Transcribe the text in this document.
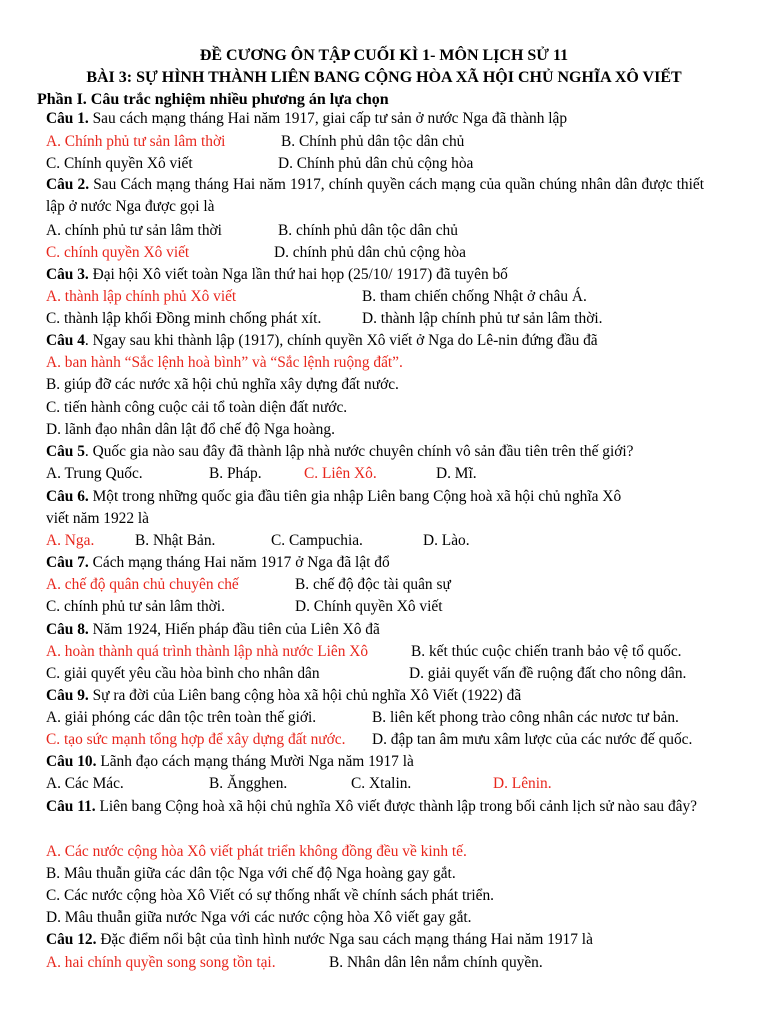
ĐỀ CƯƠNG ÔN TẬP CUỐI KÌ 1- MÔN LỊCH SỬ 11
BÀI 3: SỰ HÌNH THÀNH LIÊN BANG CỘNG HÒA XÃ HỘI CHỦ NGHĨA XÔ VIẾT
Phần I. Câu trắc nghiệm nhiều phương án lựa chọn
Câu 1. Sau cách mạng tháng Hai năm 1917, giai cấp tư sản ở nước Nga đã thành lập
A. Chính phủ tư sản lâm thời	B. Chính phủ dân tộc dân chủ
C. Chính quyền Xô viết	D. Chính phủ dân chủ cộng hòa
Câu 2. Sau Cách mạng tháng Hai năm 1917, chính quyền cách mạng của quần chúng nhân dân được thiết lập ở nước Nga được gọi là
A. chính phủ tư sản lâm thời	B. chính phủ dân tộc dân chủ
C. chính quyền Xô viết	D. chính phủ dân chủ cộng hòa
Câu 3. Đại hội Xô viết toàn Nga lần thứ hai họp (25/10/ 1917) đã tuyên bố
A. thành lập chính phủ Xô viết	B. tham chiến chống Nhật ở châu Á.
C. thành lập khối Đồng minh chống phát xít.	D. thành lập chính phủ tư sản lâm thời.
Câu 4. Ngay sau khi thành lập (1917), chính quyền Xô viết ở Nga do Lê-nin đứng đầu đã
A. ban hành “Sắc lệnh hoà bình” và “Sắc lệnh ruộng đất”.
B. giúp đỡ các nước xã hội chủ nghĩa xây dựng đất nước.
C. tiến hành công cuộc cải tổ toàn diện đất nước.
D. lãnh đạo nhân dân lật đổ chế độ Nga hoàng.
Câu 5. Quốc gia nào sau đây đã thành lập nhà nước chuyên chính vô sản đầu tiên trên thế giới?
A. Trung Quốc.	B. Pháp.	C. Liên Xô.	D. Mĩ.
Câu 6. Một trong những quốc gia đầu tiên gia nhập Liên bang Cộng hoà xã hội chủ nghĩa Xô
viết năm 1922 là
A. Nga.	B. Nhật Bản.	C. Campuchia.	D. Lào.
Câu 7. Cách mạng tháng Hai năm 1917 ở Nga đã lật đổ
A. chế độ quân chủ chuyên chế	B. chế độ độc tài quân sự
C. chính phủ tư sản lâm thời.	D. Chính quyền Xô viết
Câu 8. Năm 1924, Hiến pháp đầu tiên của Liên Xô đã
A. hoàn thành quá trình thành lập nhà nước Liên Xô	B. kết thúc cuộc chiến tranh bảo vệ tổ quốc.
C. giải quyết yêu cầu hòa bình cho nhân dân	D. giải quyết vấn đề ruộng đất cho nông dân.
Câu 9. Sự ra đời của Liên bang cộng hòa xã hội chủ nghĩa Xô Viết (1922) đã
A. giải phóng các dân tộc trên toàn thế giới.	B. liên kết phong trào công nhân các nươc tư bản.
C. tạo sức mạnh tổng hợp để xây dựng đất nước. D. đập tan âm mưu xâm lược của các nước đế quốc.
Câu 10. Lãnh đạo cách mạng tháng Mười Nga năm 1917 là
A. Các Mác.	B. Ăngghen.	C. Xtalin.	D. Lênin.
Câu 11. Liên bang Cộng hoà xã hội chủ nghĩa Xô viết được thành lập trong bối cảnh lịch sử nào sau đây?
A. Các nước cộng hòa Xô viết phát triển không đồng đều về kinh tế.
B. Mâu thuẫn giữa các dân tộc Nga với chế độ Nga hoàng gay gắt.
C. Các nước cộng hòa Xô Viết có sự thống nhất về chính sách phát triển.
D. Mâu thuẫn giữa nước Nga với các nước cộng hòa Xô viết gay gắt.
Câu 12. Đặc điểm nổi bật của tình hình nước Nga sau cách mạng tháng Hai năm 1917 là
A. hai chính quyền song song tồn tại.	B. Nhân dân lên nắm chính quyền.
